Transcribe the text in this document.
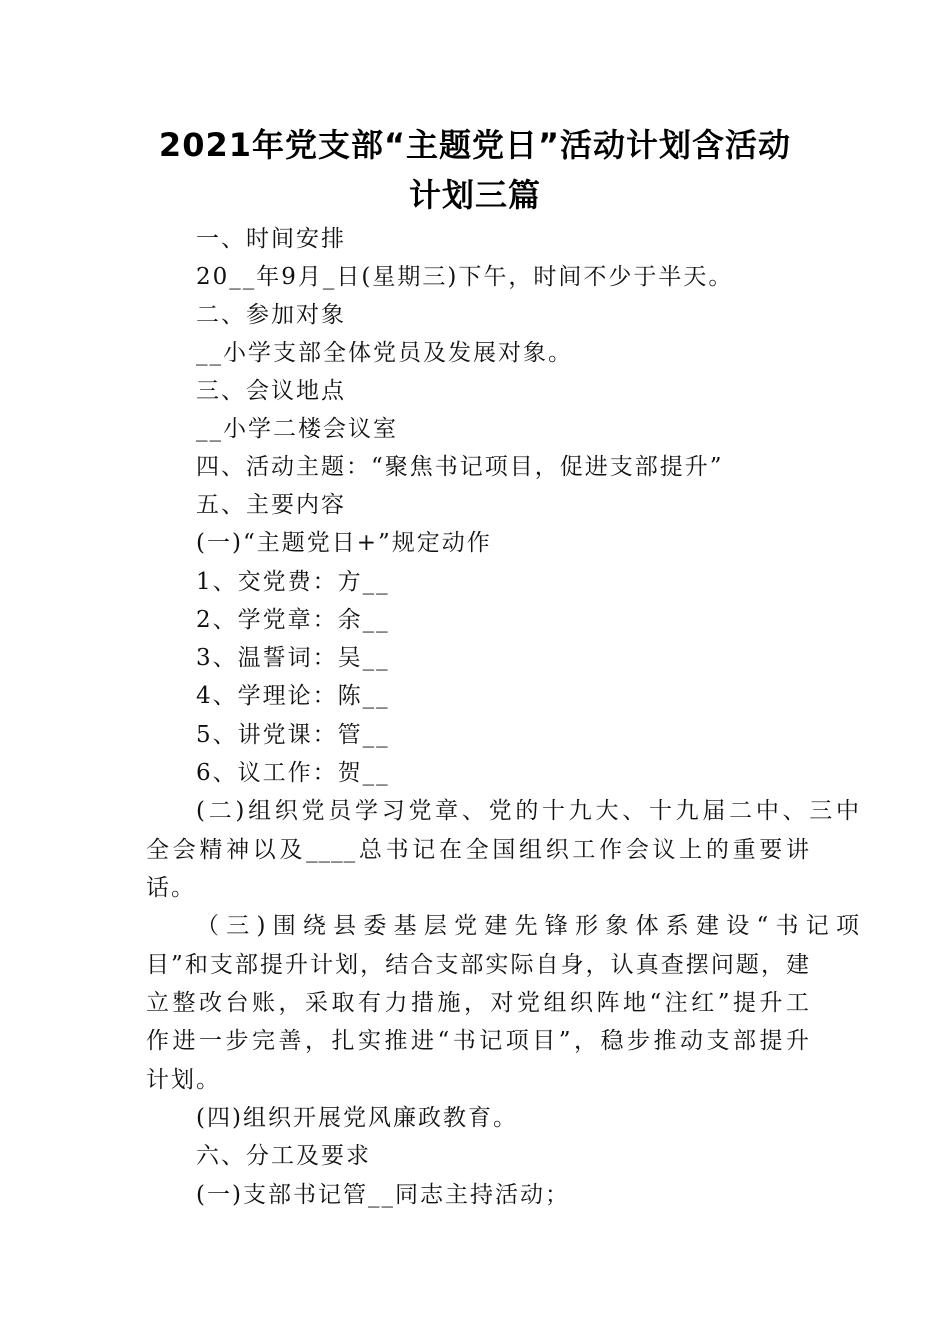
2021年党支部“主题党日”活动计划含活动
计划三篇

一、时间安排

20__年9月_日(星期三)下午，时间不少于半天。

二、参加对象

__小学支部全体党员及发展对象。

三、会议地点

__小学二楼会议室

四、活动主题：“聚焦书记项目，促进支部提升”

五、主要内容

(一)“主题党日+”规定动作

1、交党费：方__

2、学党章：余__

3、温誓词：吴__

4、学理论：陈__

5、讲党课：管__

6、议工作：贺__

(二)组织党员学习党章、党的十九大、十九届二中、三中

全会精神以及____总书记在全国组织工作会议上的重要讲

话。

（三)围绕县委基层党建先锋形象体系建设“书记项

目”和支部提升计划，结合支部实际自身，认真查摆问题，建

立整改台账，采取有力措施，对党组织阵地“注红”提升工

作进一步完善，扎实推进“书记项目”，稳步推动支部提升

计划。

(四)组织开展党风廉政教育。

六、分工及要求

(一)支部书记管__同志主持活动；
